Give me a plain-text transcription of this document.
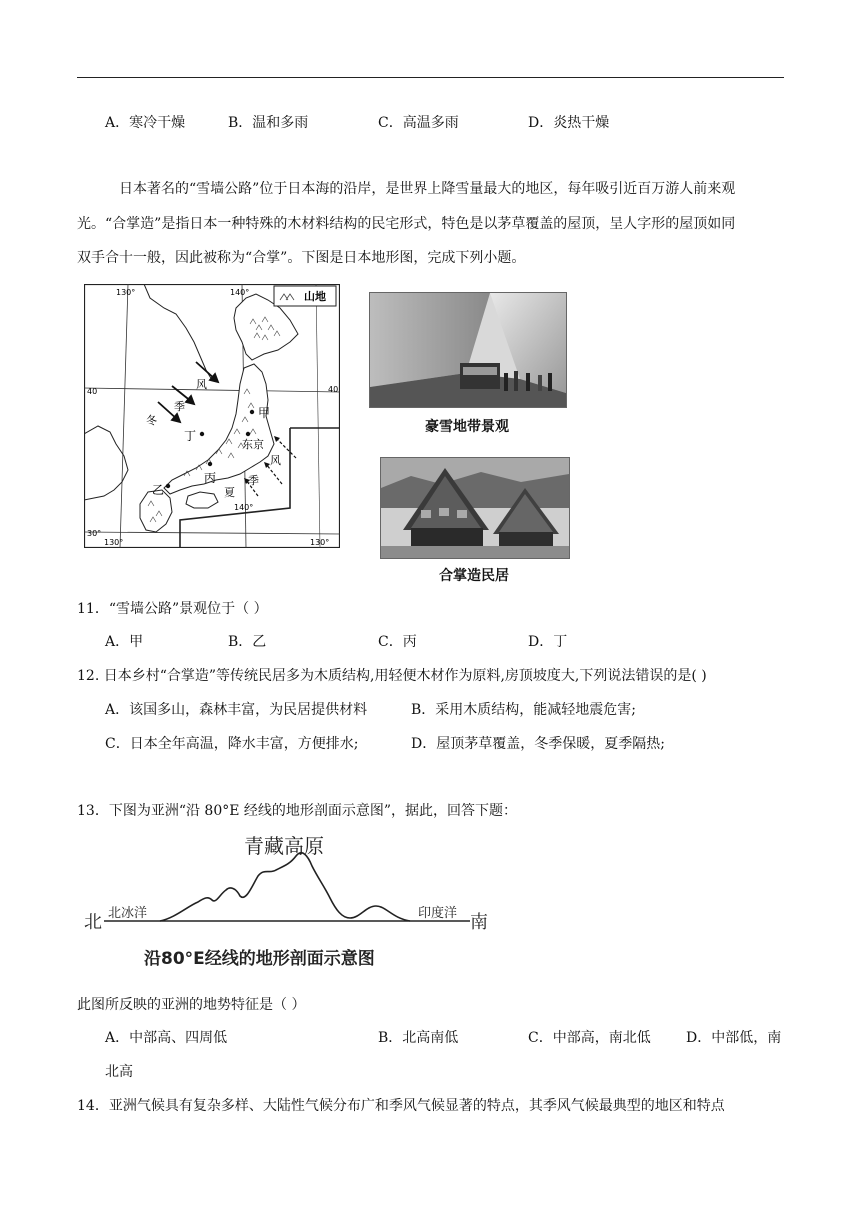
A．寒冷干燥	B．温和多雨	C．高温多雨	D．炎热干燥
日本著名的“雪墙公路”位于日本海的沿岸，是世界上降雪量最大的地区，每年吸引近百万游人前来观
光。“合掌造”是指日本一种特殊的木材料结构的民宅形式，特色是以茅草覆盖的屋顶，呈人字形的屋顶如同
双手合十一般，因此被称为“合掌”。下图是日本地形图，完成下列小题。
山地
130°	140°
130°
140°
130°
40	40
30°
风
季
冬
甲
乙
丙
丁
东京
风
季
夏
豪雪地带景观
合掌造民居
11．“雪墙公路”景观位于（ ）
A．甲	B．乙	C．丙	D．丁
12. 日本乡村“合掌造”等传统民居多为木质结构,用轻便木材作为原料,房顶坡度大,下列说法错误的是( )
A．该国多山，森林丰富，为民居提供材料	B．采用木质结构，能减轻地震危害;
C．日本全年高温，降水丰富，方便排水;	D．屋顶茅草覆盖，冬季保暖，夏季隔热;
13．下图为亚洲“沿 80°E 经线的地形剖面示意图”，据此，回答下题：
青藏高原
北	南
北冰洋	印度洋
沿80°E经线的地形剖面示意图
此图所反映的亚洲的地势特征是（ ）
A．中部高、四周低	B．北高南低	C．中部高，南北低	D．中部低，南
北高
14．亚洲气候具有复杂多样、大陆性气候分布广和季风气候显著的特点，其季风气候最典型的地区和特点
